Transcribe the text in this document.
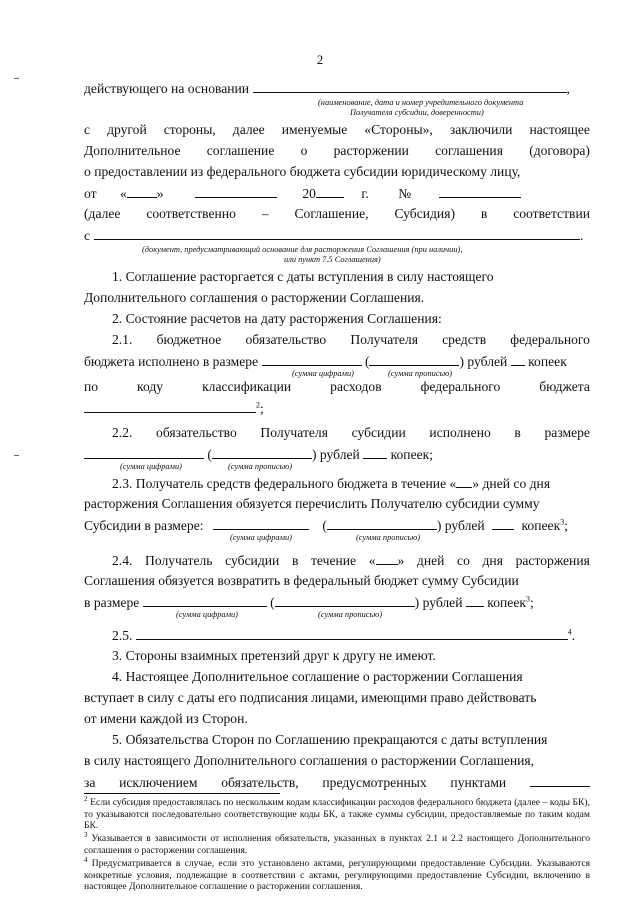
2
действующего на основании	,
(наименование, дата и номер учредительного документа
Получателя субсидии, доверенности)
с другой стороны, далее именуемые «Стороны», заключили настоящее
Дополнительное соглашение о расторжении соглашения (договора)
о предоставлении из федерального бюджета субсидии юридическому лицу,
от « »	20	г. №
(далее соответственно – Соглашение, Субсидия) в соответствии
с	.
(документ, предусматривающий основание для расторжения Соглашения (при наличии),
или пункт 7.5 Соглашения)
1. Соглашение расторгается с даты вступления в силу настоящего
Дополнительного соглашения о расторжении Соглашения.
2. Состояние расчетов на дату расторжения Соглашения:
2.1. бюджетное обязательство Получателя средств федерального
бюджета исполнено в размере	(	) рублей копеек
(сумма цифрами)	(сумма прописью)
по	коду	классификации	расходов	федерального	бюджета
$^2$;
2.2. обязательство Получателя субсидии исполнено в размере
(	) рублей копеек;
(сумма цифрами)	(сумма прописью)
2.3. Получатель средств федерального бюджета в течение « » дней со дня
расторжения Соглашения обязуется перечислить Получателю субсидии сумму
Субсидии в размере:	(	) рублей	копеек$^3$;
(сумма цифрами)	(сумма прописью)
2.4. Получатель субсидии в течение « » дней со дня расторжения
Соглашения обязуется возвратить в федеральный бюджет сумму Субсидии
в размере	(	) рублей копеек$^3$;
(сумма цифрами)	(сумма прописью)
2.5.	$^4$.
3. Стороны взаимных претензий друг к другу не имеют.
4. Настоящее Дополнительное соглашение о расторжении Соглашения
вступает в силу с даты его подписания лицами, имеющими право действовать
от имени каждой из Сторон.
5. Обязательства Сторон по Соглашению прекращаются с даты вступления
в силу настоящего Дополнительного соглашения о расторжении Соглашения,
за исключением обязательств, предусмотренных пунктами
$^2$ Если субсидия предоставлялась по нескольким кодам классификации расходов федерального бюджета (далее – коды БК), то указываются последовательно соответствующие коды БК, а также суммы субсидии, предоставляемые по таким кодам БК.
$^3$ Указывается в зависимости от исполнения обязательств, указанных в пунктах 2.1 и 2.2 настоящего Дополнительного соглашения о расторжении соглашения.
$^4$ Предусматривается в случае, если это установлено актами, регулирующими предоставление Субсидии. Указываются конкретные условия, подлежащие в соответствии с актами, регулирующими предоставление Субсидии, включению в настоящее Дополнительное соглашение о расторжении соглашения.
